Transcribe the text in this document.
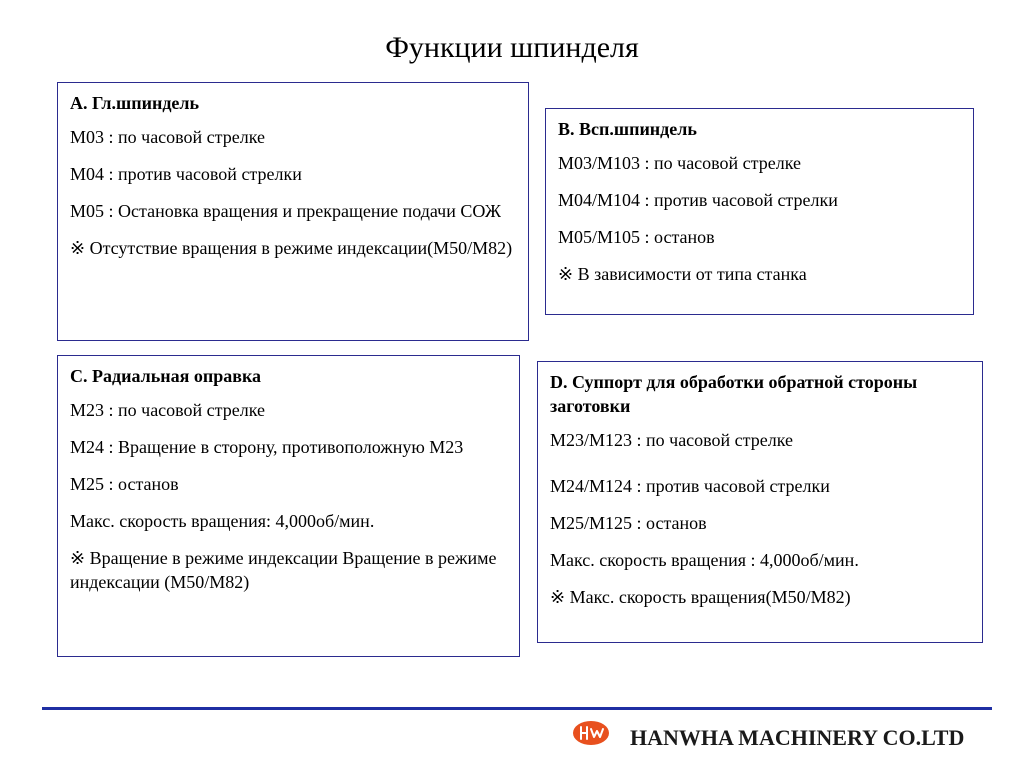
Функции шпинделя
A. Гл.шпиндель
M03 : по часовой стрелке
M04 : против часовой стрелки
M05 : Остановка вращения и прекращение подачи СОЖ
※ Отсутствие вращения в режиме индексации(M50/M82)
B. Всп.шпиндель
M03/M103 : по часовой стрелке
M04/M104 : против часовой стрелки
M05/M105 : останов
※ В зависимости от типа станка
C. Радиальная оправка
M23 : по часовой стрелке
M24 : Вращение в сторону, противоположную M23
M25 : останов
Макс. скорость вращения: 4,000об/мин.
※ Вращение в режиме индексации Вращение в режиме индексации (M50/M82)
D. Суппорт для обработки обратной стороны заготовки
M23/M123 : по часовой стрелке
M24/M124 : против часовой стрелки
M25/M125 : останов
Макс. скорость вращения : 4,000об/мин.
※ Макс. скорость вращения(M50/M82)
HANWHA MACHINERY CO.LTD
